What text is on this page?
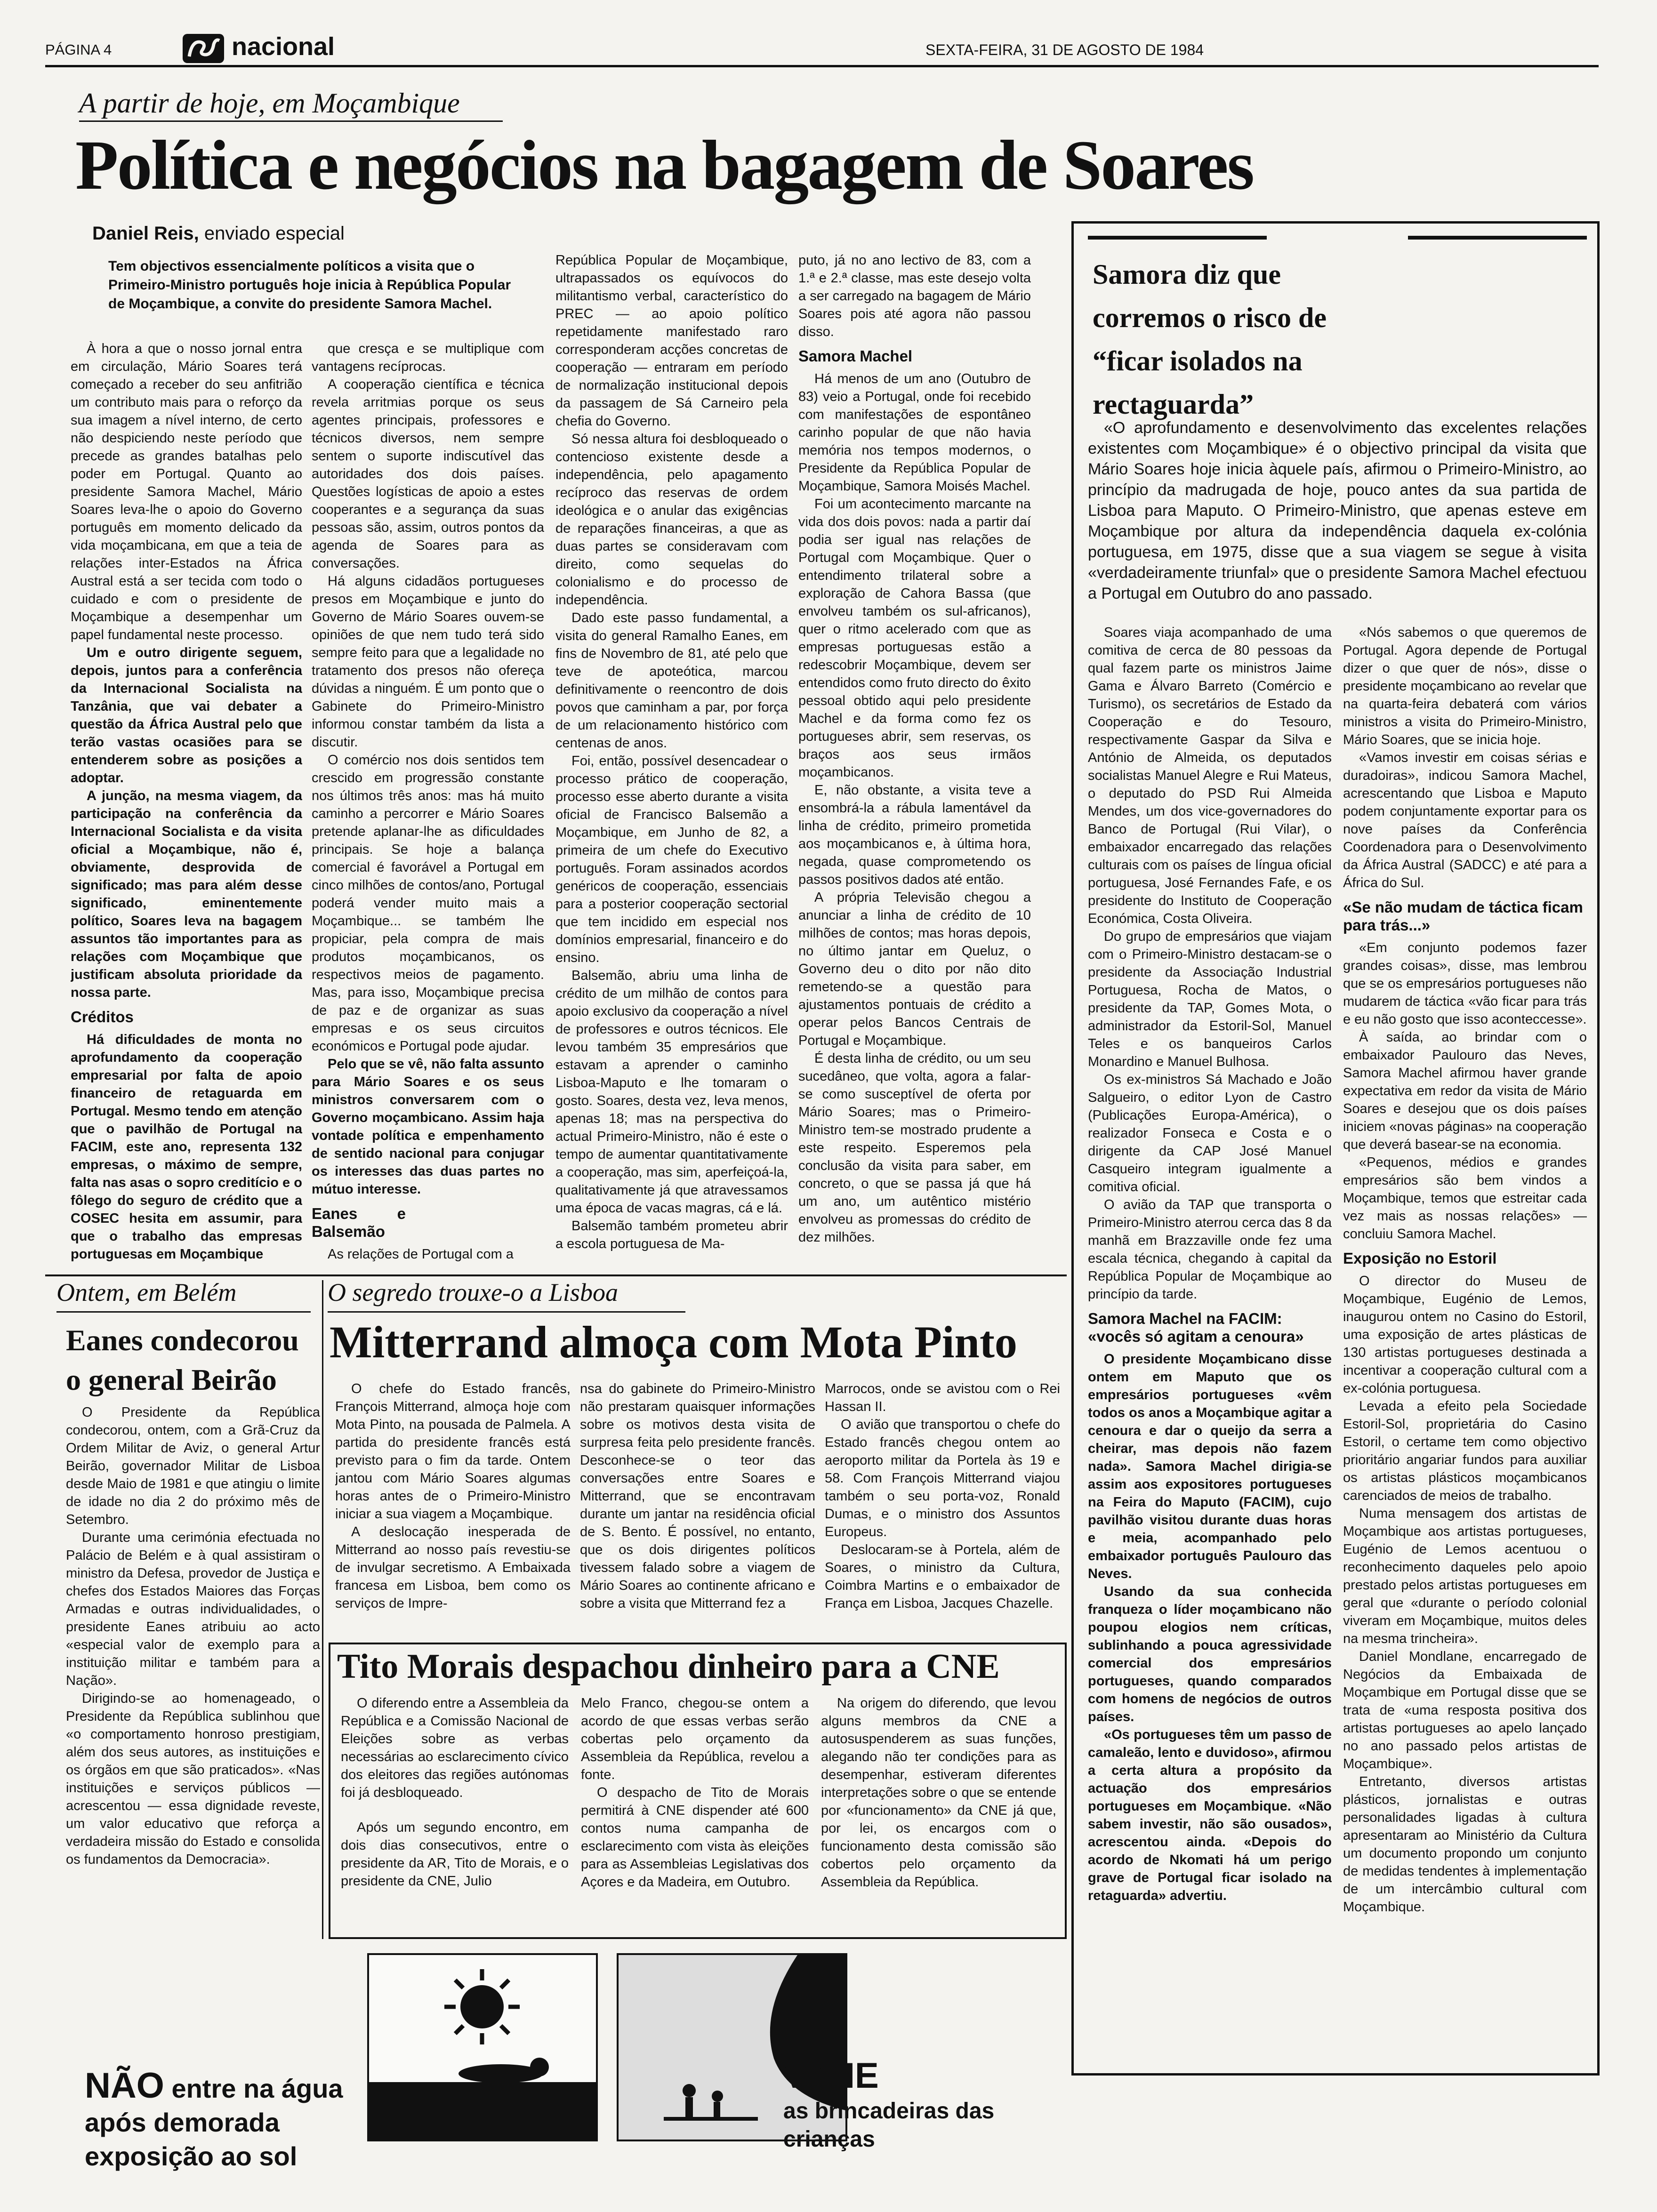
PÁGINA 4	nacional	SEXTA-FEIRA, 31 DE AGOSTO DE 1984
A partir de hoje, em Moçambique
Política e negócios na bagagem de Soares
Daniel Reis, enviado especial

Tem objectivos essencialmente políticos a visita que o Primeiro-Ministro português hoje inicia à República Popular de Moçambique, a convite do presidente Samora Machel.

À hora a que o nosso jornal entra em circulação, Mário Soares terá começado a receber do seu anfitrião um contributo mais para o reforço da sua imagem a nível interno, de certo não despiciendo neste período que precede as grandes batalhas pelo poder em Portugal. Quanto ao presidente Samora Machel, Mário Soares leva-lhe o apoio do Governo português em momento delicado da vida moçambicana, em que a teia de relações inter-Estados na África Austral está a ser tecida com todo o cuidado e com o presidente de Moçambique a desempenhar um papel fundamental neste processo.

Um e outro dirigente seguem, depois, juntos para a conferência da Internacional Socialista na Tanzânia, que vai debater a questão da África Austral pelo que terão vastas ocasiões para se entenderem sobre as posições a adoptar.

A junção, na mesma viagem, da participação na conferência da Internacional Socialista e da visita oficial a Moçambique, não é, obviamente, desprovida de significado; mas para além desse significado, eminentemente político, Soares leva na bagagem assuntos tão importantes para as relações com Moçambique que justificam absoluta prioridade da nossa parte.

Créditos

Há dificuldades de monta no aprofundamento da cooperação empresarial por falta de apoio financeiro de retaguarda em Portugal. Mesmo tendo em atenção que o pavilhão de Portugal na FACIM, este ano, representa 132 empresas, o máximo de sempre, falta nas asas o sopro creditício e o fôlego do seguro de crédito que a COSEC hesita em assumir, para que o trabalho das empresas portuguesas em Moçambique

que cresça e se multiplique com vantagens recíprocas.

A cooperação científica e técnica revela arritmias porque os seus agentes principais, professores e técnicos diversos, nem sempre sentem o suporte indiscutível das autoridades dos dois países. Questões logísticas de apoio a estes cooperantes e a segurança da suas pessoas são, assim, outros pontos da agenda de Soares para as conversações.

Há alguns cidadãos portugueses presos em Moçambique e junto do Governo de Mário Soares ouvem-se opiniões de que nem tudo terá sido sempre feito para que a legalidade no tratamento dos presos não ofereça dúvidas a ninguém. É um ponto que o Gabinete do Primeiro-Ministro informou constar também da lista a discutir.

O comércio nos dois sentidos tem crescido em progressão constante nos últimos três anos: mas há muito caminho a percorrer e Mário Soares pretende aplanar-lhe as dificuldades principais. Se hoje a balança comercial é favorável a Portugal em cinco milhões de contos/ano, Portugal poderá vender muito mais a Moçambique... se também lhe propiciar, pela compra de mais produtos moçambicanos, os respectivos meios de pagamento. Mas, para isso, Moçambique precisa de paz e de organizar as suas empresas e os seus circuitos económicos e Portugal pode ajudar.

Pelo que se vê, não falta assunto para Mário Soares e os seus ministros conversarem com o Governo moçambicano. Assim haja vontade política e empenhamento de sentido nacional para conjugar os interesses das duas partes no mútuo interesse.

Eanes e Balsemão

As relações de Portugal com a

República Popular de Moçambique, ultrapassados os equívocos do militantismo verbal, característico do PREC — ao apoio político repetidamente manifestado raro corresponderam acções concretas de cooperação — entraram em período de normalização institucional depois da passagem de Sá Carneiro pela chefia do Governo.

Só nessa altura foi desbloqueado o contencioso existente desde a independência, pelo apagamento recíproco das reservas de ordem ideológica e o anular das exigências de reparações financeiras, a que as duas partes se consideravam com direito, como sequelas do colonialismo e do processo de independência.

Dado este passo fundamental, a visita do general Ramalho Eanes, em fins de Novembro de 81, até pelo que teve de apoteótica, marcou definitivamente o reencontro de dois povos que caminham a par, por força de um relacionamento histórico com centenas de anos.

Foi, então, possível desencadear o processo prático de cooperação, processo esse aberto durante a visita oficial de Francisco Balsemão a Moçambique, em Junho de 82, a primeira de um chefe do Executivo português. Foram assinados acordos genéricos de cooperação, essenciais para a posterior cooperação sectorial que tem incidido em especial nos domínios empresarial, financeiro e do ensino.

Balsemão, abriu uma linha de crédito de um milhão de contos para apoio exclusivo da cooperação a nível de professores e outros técnicos. Ele levou também 35 empresários que estavam a aprender o caminho Lisboa-Maputo e lhe tomaram o gosto. Soares, desta vez, leva menos, apenas 18; mas na perspectiva do actual Primeiro-Ministro, não é este o tempo de aumentar quantitativamente a cooperação, mas sim, aperfeiçoá-la, qualitativamente já que atravessamos uma época de vacas magras, cá e lá.

Balsemão também prometeu abrir a escola portuguesa de Ma-

puto, já no ano lectivo de 83, com a 1.ª e 2.ª classe, mas este desejo volta a ser carregado na bagagem de Mário Soares pois até agora não passou disso.

Samora Machel

Há menos de um ano (Outubro de 83) veio a Portugal, onde foi recebido com manifestações de espontâneo carinho popular de que não havia memória nos tempos modernos, o Presidente da República Popular de Moçambique, Samora Moisés Machel.

Foi um acontecimento marcante na vida dos dois povos: nada a partir daí podia ser igual nas relações de Portugal com Moçambique. Quer o entendimento trilateral sobre a exploração de Cahora Bassa (que envolveu também os sul-africanos), quer o ritmo acelerado com que as empresas portuguesas estão a redescobrir Moçambique, devem ser entendidos como fruto directo do êxito pessoal obtido aqui pelo presidente Machel e da forma como fez os portugueses abrir, sem reservas, os braços aos seus irmãos moçambicanos.

E, não obstante, a visita teve a ensombrá-la a rábula lamentável da linha de crédito, primeiro prometida aos moçambicanos e, à última hora, negada, quase comprometendo os passos positivos dados até então.

A própria Televisão chegou a anunciar a linha de crédito de 10 milhões de contos; mas horas depois, no último jantar em Queluz, o Governo deu o dito por não dito remetendo-se a questão para ajustamentos pontuais de crédito a operar pelos Bancos Centrais de Portugal e Moçambique.

É desta linha de crédito, ou um seu sucedâneo, que volta, agora a falar-se como susceptível de oferta por Mário Soares; mas o Primeiro-Ministro tem-se mostrado prudente a este respeito. Esperemos pela conclusão da visita para saber, em concreto, o que se passa já que há um ano, um autêntico mistério envolveu as promessas do crédito de dez milhões.

Samora diz que corremos o risco de “ficar isolados na rectaguarda”

«O aprofundamento e desenvolvimento das excelentes relações existentes com Moçambique» é o objectivo principal da visita que Mário Soares hoje inicia àquele país, afirmou o Primeiro-Ministro, ao princípio da madrugada de hoje, pouco antes da sua partida de Lisboa para Maputo. O Primeiro-Ministro, que apenas esteve em Moçambique por altura da independência daquela ex-colónia portuguesa, em 1975, disse que a sua viagem se segue à visita «verdadeiramente triunfal» que o presidente Samora Machel efectuou a Portugal em Outubro do ano passado.

Soares viaja acompanhado de uma comitiva de cerca de 80 pessoas da qual fazem parte os ministros Jaime Gama e Álvaro Barreto (Comércio e Turismo), os secretários de Estado da Cooperação e do Tesouro, respectivamente Gaspar da Silva e António de Almeida, os deputados socialistas Manuel Alegre e Rui Mateus, o deputado do PSD Rui Almeida Mendes, um dos vice-governadores do Banco de Portugal (Rui Vilar), o embaixador encarregado das relações culturais com os países de língua oficial portuguesa, José Fernandes Fafe, e os presidente do Instituto de Cooperação Económica, Costa Oliveira.

Do grupo de empresários que viajam com o Primeiro-Ministro destacam-se o presidente da Associação Industrial Portuguesa, Rocha de Matos, o presidente da TAP, Gomes Mota, o administrador da Estoril-Sol, Manuel Teles e os banqueiros Carlos Monardino e Manuel Bulhosa.

Os ex-ministros Sá Machado e João Salgueiro, o editor Lyon de Castro (Publicações Europa-América), o realizador Fonseca e Costa e o dirigente da CAP José Manuel Casqueiro integram igualmente a comitiva oficial.

O avião da TAP que transporta o Primeiro-Ministro aterrou cerca das 8 da manhã em Brazzaville onde fez uma escala técnica, chegando à capital da República Popular de Moçambique ao princípio da tarde.

Samora Machel na FACIM: «vocês só agitam a cenoura»

O presidente Moçambicano disse ontem em Maputo que os empresários portugueses «vêm todos os anos a Moçambique agitar a cenoura e dar o queijo da serra a cheirar, mas depois não fazem nada». Samora Machel dirigia-se assim aos expositores portugueses na Feira do Maputo (FACIM), cujo pavilhão visitou durante duas horas e meia, acompanhado pelo embaixador português Paulouro das Neves.

Usando da sua conhecida franqueza o líder moçambicano não poupou elogios nem críticas, sublinhando a pouca agressividade comercial dos empresários portugueses, quando comparados com homens de negócios de outros países.

«Os portugueses têm um passo de camaleão, lento e duvidoso», afirmou a certa altura a propósito da actuação dos empresários portugueses em Moçambique. «Não sabem investir, não são ousados», acrescentou ainda. «Depois do acordo de Nkomati há um perigo grave de Portugal ficar isolado na retaguarda» advertiu.

«Nós sabemos o que queremos de Portugal. Agora depende de Portugal dizer o que quer de nós», disse o presidente moçambicano ao revelar que na quarta-feira debaterá com vários ministros a visita do Primeiro-Ministro, Mário Soares, que se inicia hoje.

«Vamos investir em coisas sérias e duradoiras», indicou Samora Machel, acrescentando que Lisboa e Maputo podem conjuntamente exportar para os nove países da Conferência Coordenadora para o Desenvolvimento da África Austral (SADCC) e até para a África do Sul.

«Se não mudam de táctica ficam para trás...»

«Em conjunto podemos fazer grandes coisas», disse, mas lembrou que se os empresários portugueses não mudarem de táctica «vão ficar para trás e eu não gosto que isso aconteccesse».

À saída, ao brindar com o embaixador Paulouro das Neves, Samora Machel afirmou haver grande expectativa em redor da visita de Mário Soares e desejou que os dois países iniciem «novas páginas» na cooperação que deverá basear-se na economia.

«Pequenos, médios e grandes empresários são bem vindos a Moçambique, temos que estreitar cada vez mais as nossas relações» — concluiu Samora Machel.

Exposição no Estoril

O director do Museu de Moçambique, Eugénio de Lemos, inaugurou ontem no Casino do Estoril, uma exposição de artes plásticas de 130 artistas portugueses destinada a incentivar a cooperação cultural com a ex-colónia portuguesa.

Levada a efeito pela Sociedade Estoril-Sol, proprietária do Casino Estoril, o certame tem como objectivo prioritário angariar fundos para auxiliar os artistas plásticos moçambicanos carenciados de meios de trabalho.

Numa mensagem dos artistas de Moçambique aos artistas portugueses, Eugénio de Lemos acentuou o reconhecimento daqueles pelo apoio prestado pelos artistas portugueses em geral que «durante o período colonial viveram em Moçambique, muitos deles na mesma trincheira».

Daniel Mondlane, encarregado de Negócios da Embaixada de Moçambique em Portugal disse que se trata de «uma resposta positiva dos artistas portugueses ao apelo lançado no ano passado pelos artistas de Moçambique».

Entretanto, diversos artistas plásticos, jornalistas e outras personalidades ligadas à cultura apresentaram ao Ministério da Cultura um documento propondo um conjunto de medidas tendentes à implementação de um intercâmbio cultural com Moçambique.

Ontem, em Belém
Eanes condecorou o general Beirão

O Presidente da República condecorou, ontem, com a Grã-Cruz da Ordem Militar de Aviz, o general Artur Beirão, governador Militar de Lisboa desde Maio de 1981 e que atingiu o limite de idade no dia 2 do próximo mês de Setembro.

Durante uma cerimónia efectuada no Palácio de Belém e à qual assistiram o ministro da Defesa, provedor de Justiça e chefes dos Estados Maiores das Forças Armadas e outras individualidades, o presidente Eanes atribuiu ao acto «especial valor de exemplo para a instituição militar e também para a Nação».

Dirigindo-se ao homenageado, o Presidente da República sublinhou que «o comportamento honroso prestigiam, além dos seus autores, as instituições e os órgãos em que são praticados». «Nas instituições e serviços públicos — acrescentou — essa dignidade reveste, um valor educativo que reforça a verdadeira missão do Estado e consolida os fundamentos da Democracia».

O segredo trouxe-o a Lisboa
Mitterrand almoça com Mota Pinto

O chefe do Estado francês, François Mitterrand, almoça hoje com Mota Pinto, na pousada de Palmela. A partida do presidente francês está previsto para o fim da tarde. Ontem jantou com Mário Soares algumas horas antes de o Primeiro-Ministro iniciar a sua viagem a Moçambique.

A deslocação inesperada de Mitterrand ao nosso país revestiu-se de invulgar secretismo. A Embaixada francesa em Lisboa, bem como os serviços de Impre-

nsa do gabinete do Primeiro-Ministro não prestaram quaisquer informações sobre os motivos desta visita de surpresa feita pelo presidente francês. Desconhece-se o teor das conversações entre Soares e Mitterrand, que se encontravam durante um jantar na residência oficial de S. Bento. É possível, no entanto, que os dois dirigentes políticos tivessem falado sobre a viagem de Mário Soares ao continente africano e sobre a visita que Mitterrand fez a

Marrocos, onde se avistou com o Rei Hassan II.

O avião que transportou o chefe do Estado francês chegou ontem ao aeroporto militar da Portela às 19 e 58. Com François Mitterrand viajou também o seu porta-voz, Ronald Dumas, e o ministro dos Assuntos Europeus.

Deslocaram-se à Portela, além de Soares, o ministro da Cultura, Coimbra Martins e o embaixador de França em Lisboa, Jacques Chazelle.

Tito Morais despachou dinheiro para a CNE

O diferendo entre a Assembleia da República e a Comissão Nacional de Eleições sobre as verbas necessárias ao esclarecimento cívico dos eleitores das regiões autónomas foi já desbloqueado.

Após um segundo encontro, em dois dias consecutivos, entre o presidente da AR, Tito de Morais, e o presidente da CNE, Julio

Melo Franco, chegou-se ontem a acordo de que essas verbas serão cobertas pelo orçamento da Assembleia da República, revelou a fonte.

O despacho de Tito de Morais permitirá à CNE dispender até 600 contos numa campanha de esclarecimento com vista às eleições para as Assembleias Legislativas dos Açores e da Madeira, em Outubro.

Na origem do diferendo, que levou alguns membros da CNE a autosuspenderem as suas funções, alegando não ter condições para as desempenhar, estiveram diferentes interpretações sobre o que se entende por «funcionamento» da CNE já que, por lei, os encargos com o funcionamento desta comissão são cobertos pelo orçamento da Assembleia da República.

NÃO entre na água
após demorada
exposição ao sol
VIGIE
as brincadeiras das crianças
